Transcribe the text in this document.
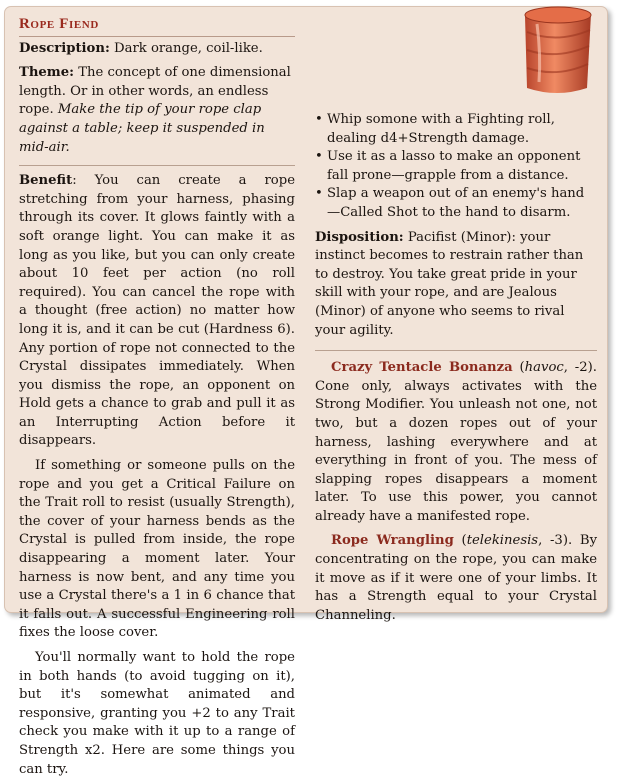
Rope Fiend

Description: Dark orange, coil-like.

Theme: The concept of one dimensional length. Or in other words, an endless rope. Make the tip of your rope clap against a table; keep it suspended in mid-air.

Benefit: You can create a rope stretching from your harness, phasing through its cover. It glows faintly with a soft orange light. You can make it as long as you like, but you can only create about 10 feet per action (no roll required). You can cancel the rope with a thought (free action) no matter how long it is, and it can be cut (Hardness 6). Any portion of rope not connected to the Crystal dissipates immediately. When you dismiss the rope, an opponent on Hold gets a chance to grab and pull it as an Interrupting Action before it disappears.

If something or someone pulls on the rope and you get a Critical Failure on the Trait roll to resist (usually Strength), the cover of your harness bends as the Crystal is pulled from inside, the rope disappearing a moment later. Your harness is now bent, and any time you use a Crystal there's a 1 in 6 chance that it falls out. A successful Engineering roll fixes the loose cover.

You'll normally want to hold the rope in both hands (to avoid tugging on it), but it's somewhat animated and responsive, granting you +2 to any Trait check you make with it up to a range of Strength x2. Here are some things you can try.

• Whip somone with a Fighting roll, dealing d4+Strength damage.
• Use it as a lasso to make an opponent fall prone—grapple from a distance.
• Slap a weapon out of an enemy's hand—Called Shot to the hand to disarm.

Disposition: Pacifist (Minor): your instinct becomes to restrain rather than to destroy. You take great pride in your skill with your rope, and are Jealous (Minor) of anyone who seems to rival your agility.

Crazy Tentacle Bonanza (havoc, -2). Cone only, always activates with the Strong Modifier. You unleash not one, not two, but a dozen ropes out of your harness, lashing everywhere and at everything in front of you. The mess of slapping ropes disappears a moment later. To use this power, you cannot already have a manifested rope.

Rope Wrangling (telekinesis, -3). By concentrating on the rope, you can make it move as if it were one of your limbs. It has a Strength equal to your Crystal Channeling.
